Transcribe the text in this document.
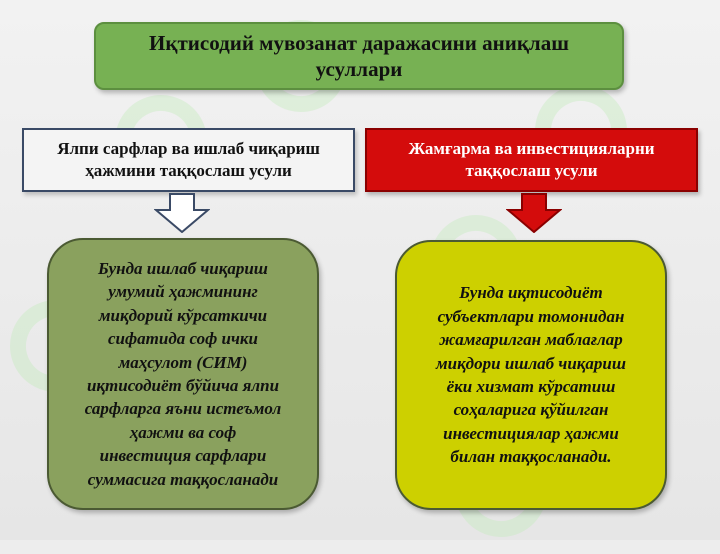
Иқтисодий мувозанат даражасини аниқлаш
усуллари
Ялпи сарфлар ва ишлаб чиқариш
ҳажмини таққослаш усули
Жамғарма ва инвестицияларни
таққослаш усули
Бунда ишлаб чиқариш
умумий ҳажмининг
миқдорий кўрсаткичи
сифатида соф ички
маҳсулот (СИМ)
иқтисодиёт бўйича ялпи
сарфларга яъни истеъмол
ҳажми ва соф
инвестиция сарфлари
суммасига таққосланади
Бунда иқтисодиёт
субъектлари томонидан
жамғарилган маблағлар
миқдори ишлаб чиқариш
ёки хизмат кўрсатиш
соҳаларига қўйилган
инвестициялар ҳажми
билан таққосланади.
